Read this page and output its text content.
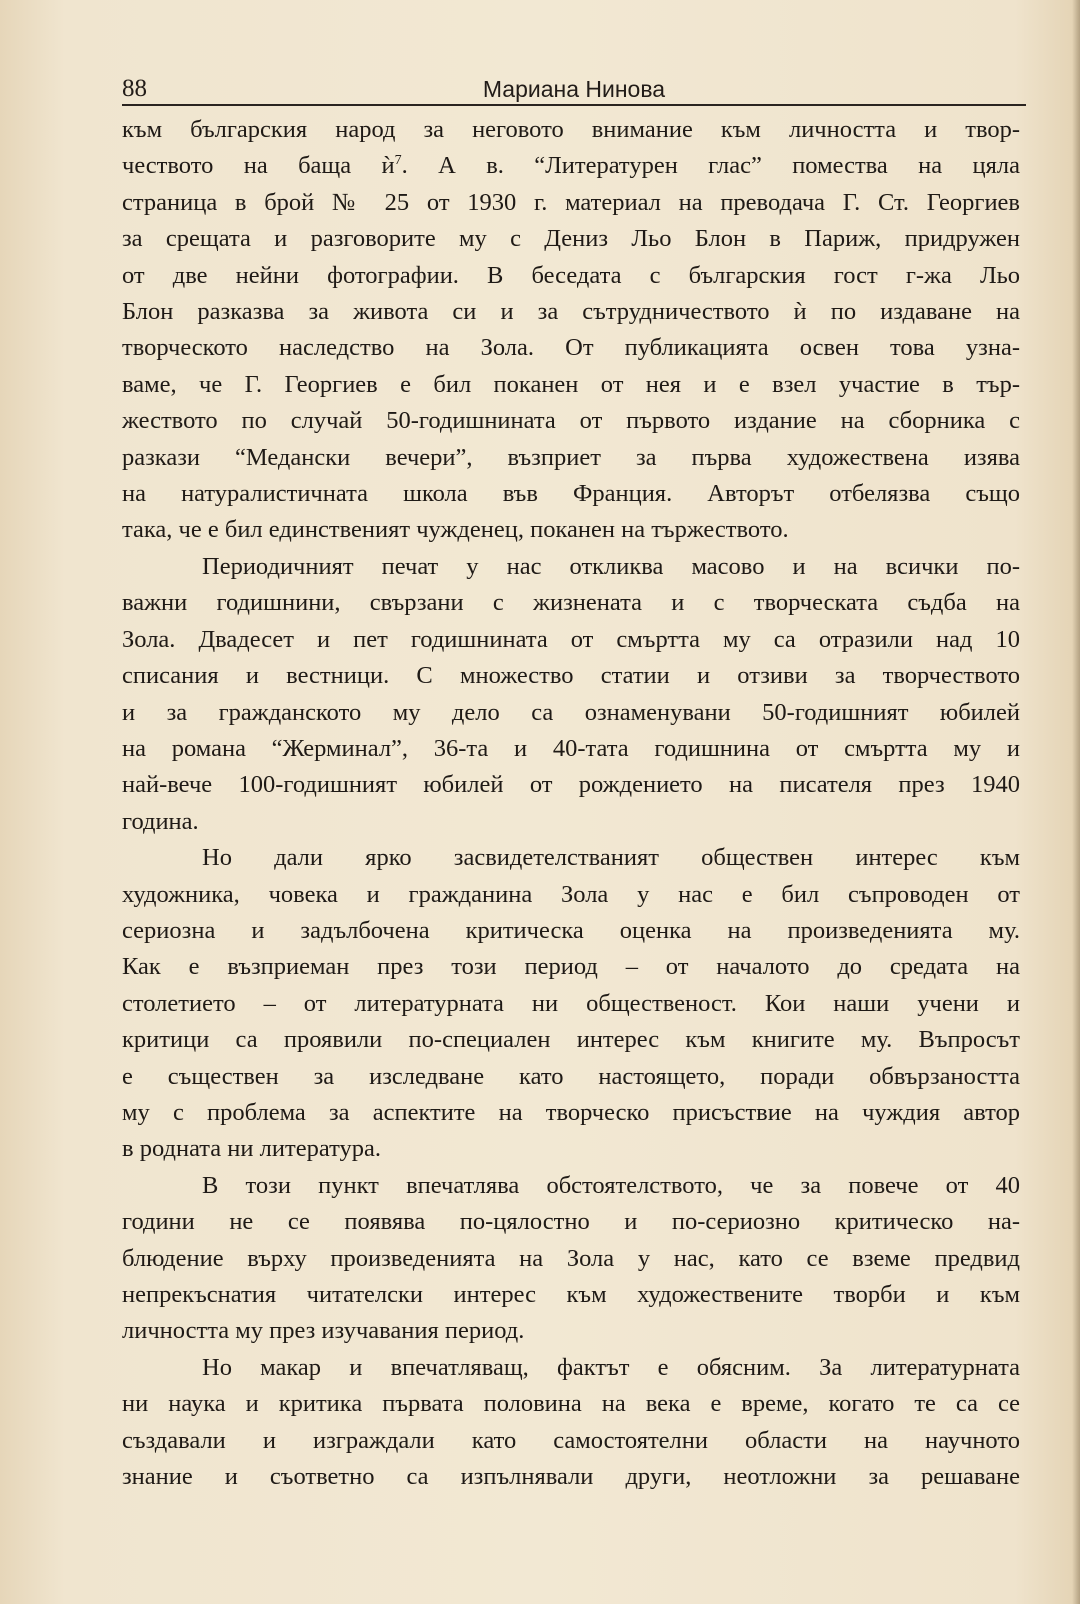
88	Мариана Нинова

към българския народ за неговото внимание към личността и твор-
чеството на баща $ѝ^7$. А в. “Литературен глас” помества на цяла
страница в брой № 25 от 1930 г. материал на преводача Г. Ст. Георгиев
за срещата и разговорите му с Дениз Льо Блон в Париж, придружен
от две нейни фотографии. В беседата с българския гост г-жа Льо
Блон разказва за живота си и за сътрудничеството ѝ по издаване на
творческото наследство на Зола. От публикацията освен това узна-
ваме, че Г. Георгиев е бил поканен от нея и е взел участие в тър-
жеството по случай 50-годишнината от първото издание на сборника с
разкази “Медански вечери”, възприет за първа художествена изява
на натуралистичната школа във Франция. Авторът отбелязва също
така, че е бил единственият чужденец, поканен на тържеството.

Периодичният печат у нас откликва масово и на всички по-
важни годишнини, свързани с жизнената и с творческата съдба на
Зола. Двадесет и пет годишнината от смъртта му са отразили над 10
списания и вестници. С множество статии и отзиви за творчеството
и за гражданското му дело са ознаменувани 50-годишният юбилей
на романа “Жерминал”, 36-та и 40-тата годишнина от смъртта му и
най-вече 100-годишният юбилей от рождението на писателя през 1940
година.

Но дали ярко засвидетелстваният обществен интерес към
художника, човека и гражданина Зола у нас е бил съпроводен от
сериозна и задълбочена критическа оценка на произведенията му.
Как е възприеман през този период – от началото до средата на
столетието – от литературната ни общественост. Кои наши учени и
критици са проявили по-специален интерес към книгите му. Въпросът
е съществен за изследване като настоящето, поради обвързаността
му с проблема за аспектите на творческо присъствие на чуждия автор
в родната ни литература.

В този пункт впечатлява обстоятелството, че за повече от 40
години не се появява по-цялостно и по-сериозно критическо на-
блюдение върху произведенията на Зола у нас, като се вземе предвид
непрекъснатия читателски интерес към художествените творби и към
личността му през изучавания период.

Но макар и впечатляващ, фактът е обясним. За литературната
ни наука и критика първата половина на века е време, когато те са се
създавали и изграждали като самостоятелни области на научното
знание и съответно са изпълнявали други, неотложни за решаване
